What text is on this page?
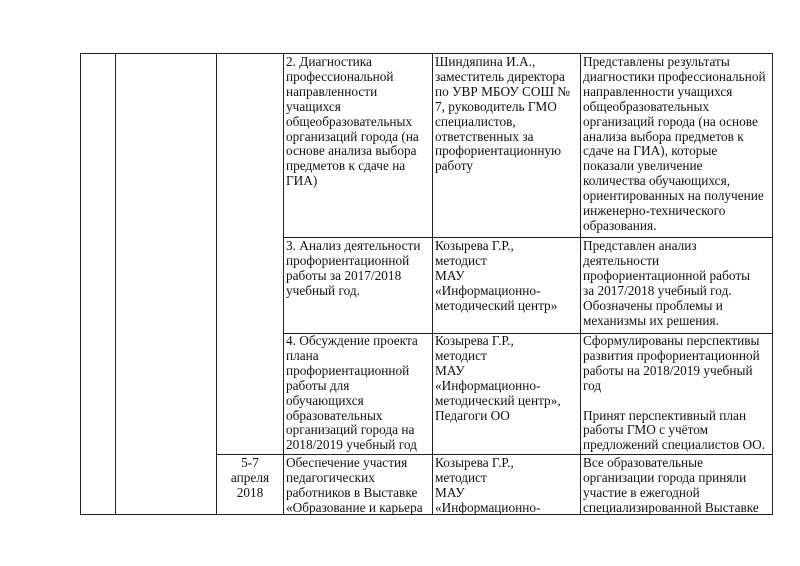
2. Диагностика
профессиональной
направленности
учащихся
общеобразовательных
организаций города (на
основе анализа выбора
предметов к сдаче на
ГИА)
Шиндяпина И.А.,
заместитель директора
по УВР МБОУ СОШ №
7, руководитель ГМО
специалистов,
ответственных за
профориентационную
работу
Представлены результаты
диагностики профессиональной
направленности учащихся
общеобразовательных
организаций города (на основе
анализа выбора предметов к
сдаче на ГИА), которые
показали увеличение
количества обучающихся,
ориентированных на получение
инженерно-технического
образования.
3. Анализ деятельности
профориентационной
работы за 2017/2018
учебный год.
Козырева Г.Р.,
методист
МАУ
«Информационно-
методический центр»
Представлен анализ
деятельности
профориентационной работы
за 2017/2018 учебный год.
Обозначены проблемы и
механизмы их решения.
4. Обсуждение проекта
плана
профориентационной
работы для
обучающихся
образовательных
организаций города на
2018/2019 учебный год
Козырева Г.Р.,
методист
МАУ
«Информационно-
методический центр»,
Педагоги ОО
Сформулированы перспективы
развития профориентационной
работы на 2018/2019 учебный
год

Принят перспективный план
работы ГМО с учётом
предложений специалистов ОО.
5-7
апреля
2018
Обеспечение участия
педагогических
работников в Выставке
«Образование и карьера
Козырева Г.Р.,
методист
МАУ
«Информационно-
Все образовательные
организации города приняли
участие в ежегодной
специализированной Выставке
